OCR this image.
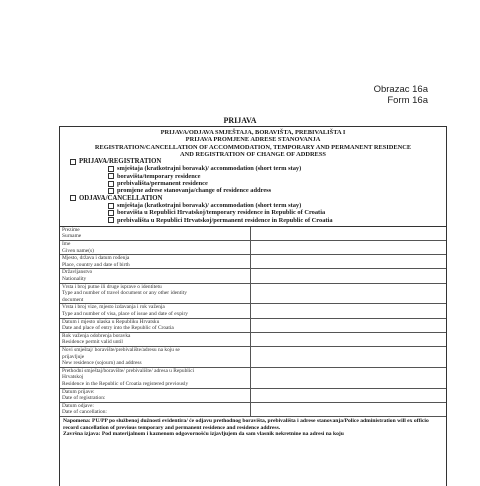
Obrazac 16a
Form 16a
PRIJAVA
PRIJAVA/ODJAVA SMJEŠTAJA, BORAVIŠTA, PREBIVALIŠTA I
PRIJAVA PROMJENE ADRESE STANOVANJA
REGISTRATION/CANCELLATION OF ACCOMMODATION, TEMPORARY AND PERMANENT RESIDENCE
AND REGISTRATION OF CHANGE OF ADDRESS
PRIJAVA/REGISTRATION
smještaja (kratkotrajni boravak)/ accommodation (short term stay)
boravišta/temporary residence
prebivališta/permanent residence
promjene adrese stanovanja/change of residence address
ODJAVA/CANCELLATION
smještaja (kratkotrajni boravak)/ accommodation (short term stay)
boravišta u Republici Hrvatskoj/temporary residence in Republic of Croatia
prebivališta u Republici Hrvatskoj/permanent residence in Republic of Croatia
Prezime
Surname	

Ime
Given name(s)	

Mjesto, država i datum rođenja
Place, country and date of birth	

Državljanstvo
Nationality	

Vrsta i broj putne ili druge isprave o identitetu
Type and number of travel document or any other identity
document	

Vrsta i broj vize, mjesto izdavanja i rok važenja
Type and number of visa, place of issue and date of expiry	

Datum i mjesto ulaska u Republiku Hrvatsku
Date and place of entry into the Republic of Croatia	

Rok važenja odobrenja boravka
Residence permit valid until	

Novi smještaj/ boravište/prebivalište/adresu na koju se
prijavljuje
New residence (sojourn) and address	

Prethodni smještaj/boravište/ prebivalište/ adresa u Republici
Hrvatskoj
Residence in the Republic of Croatia registered previously	

Datum prijave:
Date of registration:	

Datum odjave:
Date of cancellation:	

Napomena: PU/PP po službenoj dužnosti evidentira/ će odjavu prethodnog boravišta, prebivališta i adrese stanovanja/Police administration will ex officio record cancellation of previous temporary and permanent residence and residence address.

Završna izjava: Pod materijalnom i kaznenom odgovornošću izjavljujem da sam vlasnik nekretnine na adresi na koju
